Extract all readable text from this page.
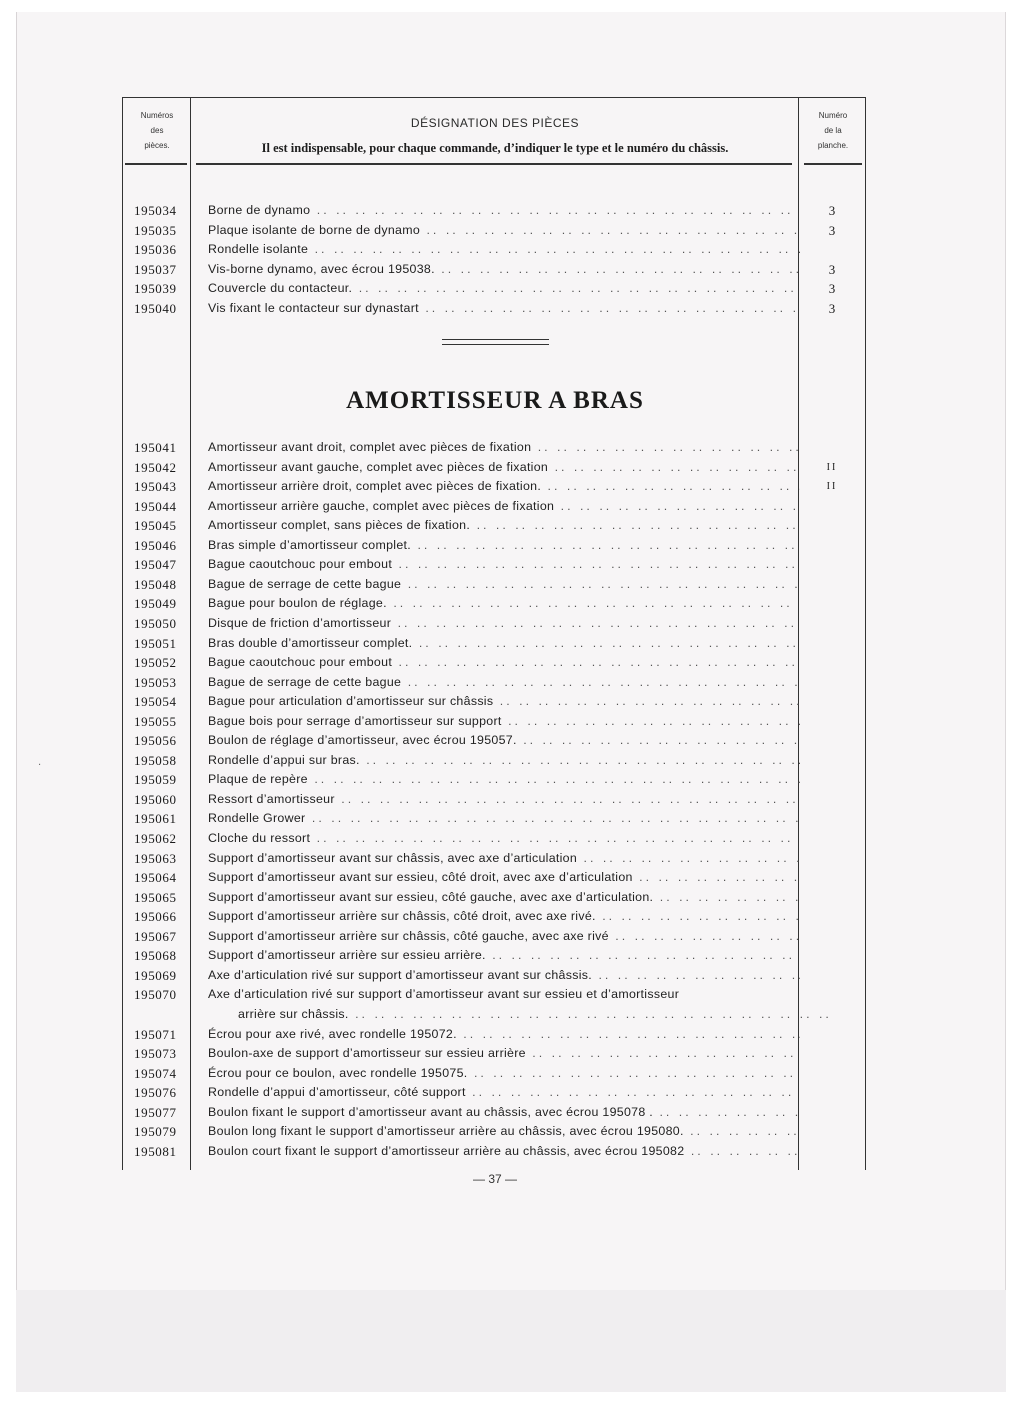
Numéros
des
pièces.
DÉSIGNATION DES PIÈCES
Il est indispensable, pour chaque commande, d’indiquer le type et le numéro du châssis.
Numéro
de la
planche.
195034	Borne de dynamo .. ..	3
195035	Plaque isolante de borne de dynamo .. ..	3
195036	Rondelle isolante .. ..
195037	Vis-borne dynamo, avec écrou 195038. .. ..	3
195039	Couvercle du contacteur. .. ..	3
195040	Vis fixant le contacteur sur dynastart .. ..	3
AMORTISSEUR A BRAS
195041	Amortisseur avant droit, complet avec pièces de fixation .. ..
195042	Amortisseur avant gauche, complet avec pièces de fixation .. ..	II
195043	Amortisseur arrière droit, complet avec pièces de fixation. .. ..	II
195044	Amortisseur arrière gauche, complet avec pièces de fixation .. ..
195045	Amortisseur complet, sans pièces de fixation. .. ..
195046	Bras simple d’amortisseur complet. .. ..
195047	Bague caoutchouc pour embout .. ..
195048	Bague de serrage de cette bague .. ..
195049	Bague pour boulon de réglage. .. ..
195050	Disque de friction d’amortisseur .. ..
195051	Bras double d’amortisseur complet. .. ..
195052	Bague caoutchouc pour embout .. ..
195053	Bague de serrage de cette bague .. ..
195054	Bague pour articulation d’amortisseur sur châssis .. ..
195055	Bague bois pour serrage d’amortisseur sur support .. ..
195056	Boulon de réglage d’amortisseur, avec écrou 195057. .. ..
195058	Rondelle d’appui sur bras. .. ..
195059	Plaque de repère .. ..
195060	Ressort d’amortisseur .. ..
195061	Rondelle Grower .. ..
195062	Cloche du ressort .. ..
195063	Support d’amortisseur avant sur châssis, avec axe d’articulation .. ..
195064	Support d’amortisseur avant sur essieu, côté droit, avec axe d’articulation .. ..
195065	Support d’amortisseur avant sur essieu, côté gauche, avec axe d’articulation. .. ..
195066	Support d’amortisseur arrière sur châssis, côté droit, avec axe rivé. .. ..
195067	Support d’amortisseur arrière sur châssis, côté gauche, avec axe rivé .. ..
195068	Support d’amortisseur arrière sur essieu arrière. .. ..
195069	Axe d’articulation rivé sur support d’amortisseur avant sur châssis. .. ..
195070	Axe d’articulation rivé sur support d’amortisseur avant sur essieu et d’amortisseur
arrière sur châssis. .. ..
195071	Écrou pour axe rivé, avec rondelle 195072. .. ..
195073	Boulon-axe de support d’amortisseur sur essieu arrière .. ..
195074	Écrou pour ce boulon, avec rondelle 195075. .. ..
195076	Rondelle d’appui d’amortisseur, côté support .. ..
195077	Boulon fixant le support d’amortisseur avant au châssis, avec écrou 195078 . .. ..
195079	Boulon long fixant le support d’amortisseur arrière au châssis, avec écrou 195080. .. ..
195081	Boulon court fixant le support d’amortisseur arrière au châssis, avec écrou 195082 .. ..
— 37 —
‧
